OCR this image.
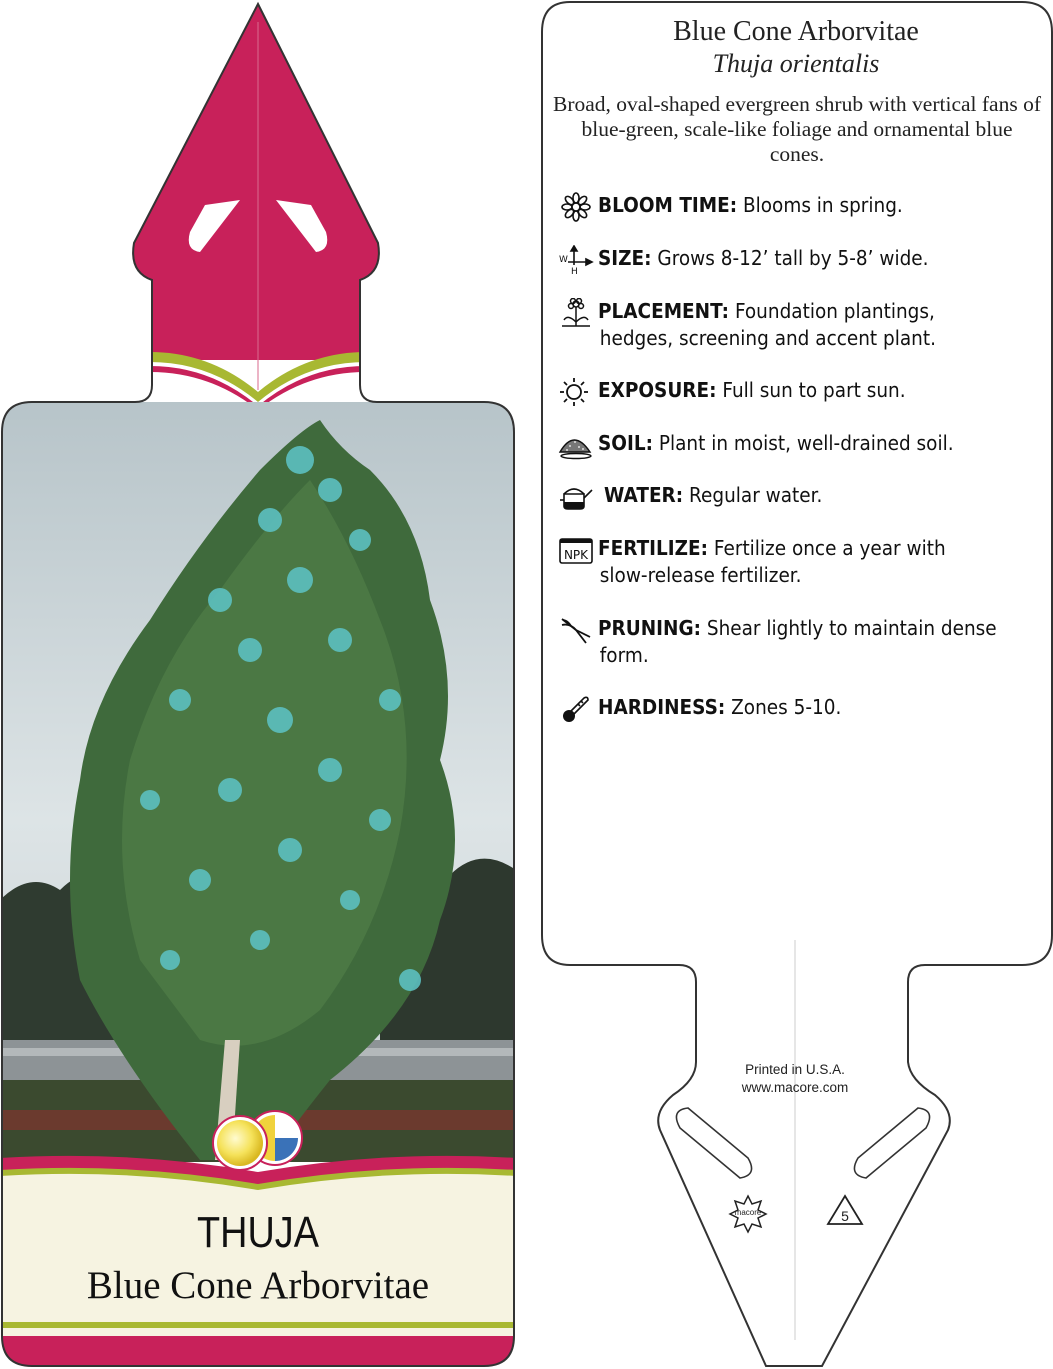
macore	5
THUJA
Blue Cone Arborvitae
Blue Cone Arborvitae
Thuja orientalis
Broad, oval-shaped evergreen shrub with vertical fans of blue-green, scale-like foliage and ornamental blue cones.
BLOOM TIME: Blooms in spring.
W
H
SIZE: Grows 8-12’ tall by 5-8’ wide.
PLACEMENT: Foundation plantings,
hedges, screening and accent plant.
EXPOSURE: Full sun to part sun.
SOIL: Plant in moist, well-drained soil.
WATER: Regular water.
NPK FERTILIZE: Fertilize once a year with
slow-release fertilizer.
PRUNING: Shear lightly to maintain dense
form.
HARDINESS: Zones 5-10.
Printed in U.S.A.
www.macore.com
